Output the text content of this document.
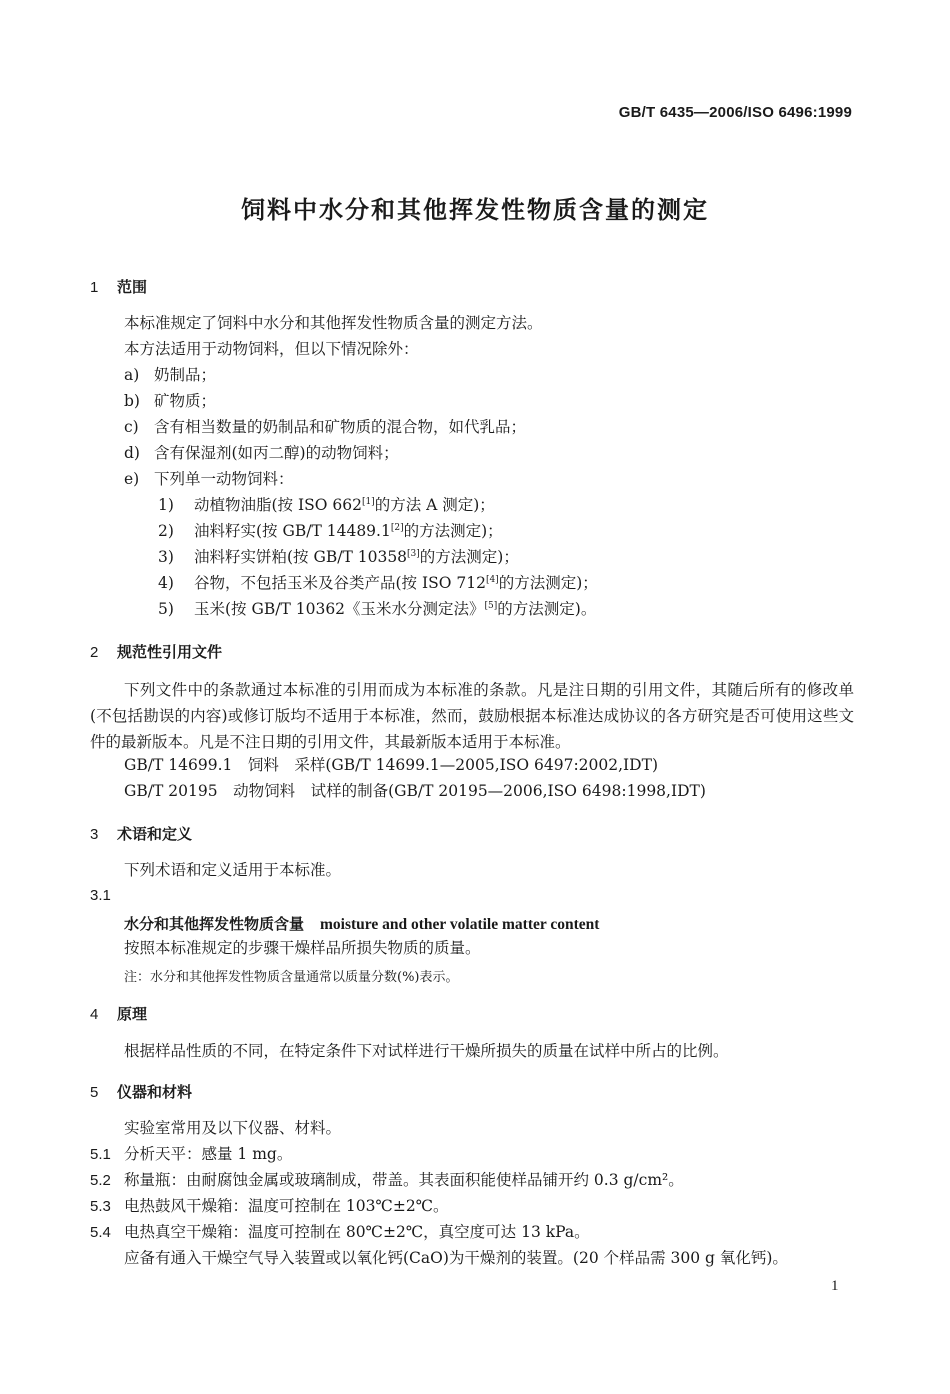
GB/T 6435—2006/ISO 6496:1999
饲料中水分和其他挥发性物质含量的测定
1 范围
本标准规定了饲料中水分和其他挥发性物质含量的测定方法。
本方法适用于动物饲料，但以下情况除外：
a) 奶制品；
b) 矿物质；
c) 含有相当数量的奶制品和矿物质的混合物，如代乳品；
d) 含有保湿剂(如丙二醇)的动物饲料；
e) 下列单一动物饲料：
1) 动植物油脂(按 ISO 662[1]的方法 A 测定)；
2) 油料籽实(按 GB/T 14489.1[2]的方法测定)；
3) 油料籽实饼粕(按 GB/T 10358[3]的方法测定)；
4) 谷物，不包括玉米及谷类产品(按 ISO 712[4]的方法测定)；
5) 玉米(按 GB/T 10362《玉米水分测定法》[5]的方法测定)。
2 规范性引用文件
下列文件中的条款通过本标准的引用而成为本标准的条款。凡是注日期的引用文件，其随后所有的修改单(不包括勘误的内容)或修订版均不适用于本标准，然而，鼓励根据本标准达成协议的各方研究是否可使用这些文件的最新版本。凡是不注日期的引用文件，其最新版本适用于本标准。
GB/T 14699.1　饲料　采样(GB/T 14699.1—2005,ISO 6497:2002,IDT)
GB/T 20195　动物饲料　试样的制备(GB/T 20195—2006,ISO 6498:1998,IDT)
3 术语和定义
下列术语和定义适用于本标准。
3.1
水分和其他挥发性物质含量 moisture and other volatile matter content
按照本标准规定的步骤干燥样品所损失物质的质量。
注：水分和其他挥发性物质含量通常以质量分数(%)表示。
4 原理
根据样品性质的不同，在特定条件下对试样进行干燥所损失的质量在试样中所占的比例。
5 仪器和材料
实验室常用及以下仪器、材料。
5.1 分析天平：感量 1 mg。
5.2 称量瓶：由耐腐蚀金属或玻璃制成，带盖。其表面积能使样品铺开约 0.3 g/cm²。
5.3 电热鼓风干燥箱：温度可控制在 103℃±2℃。
5.4 电热真空干燥箱：温度可控制在 80℃±2℃，真空度可达 13 kPa。
应备有通入干燥空气导入装置或以氧化钙(CaO)为干燥剂的装置。(20 个样品需 300 g 氧化钙)。
1
